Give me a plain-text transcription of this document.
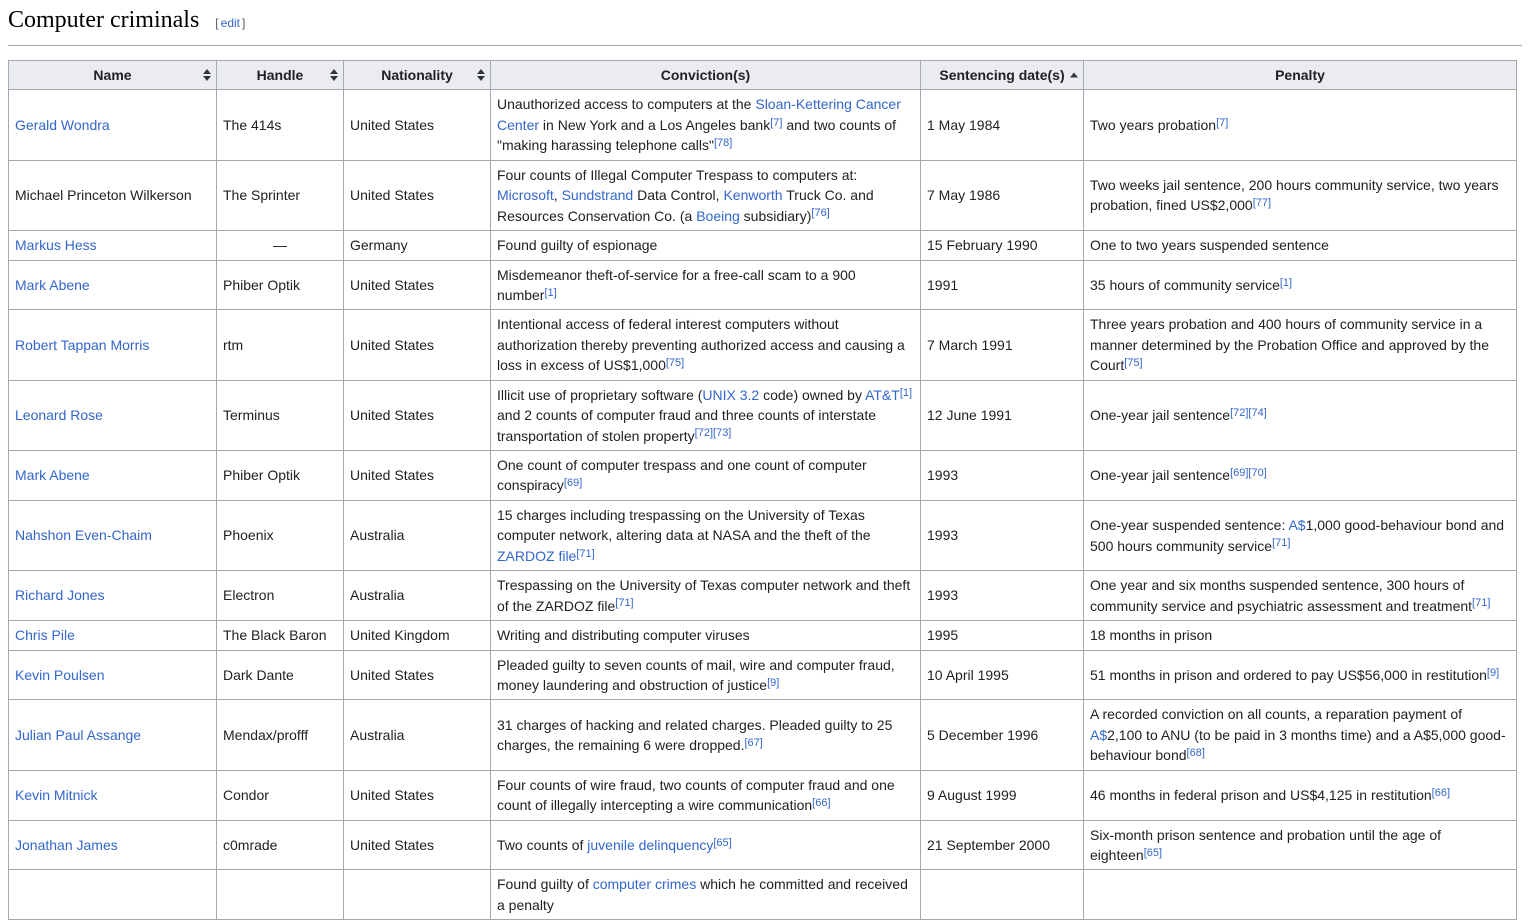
Computer criminals [ edit ]
Name	Handle	Nationality	Conviction(s)	Sentencing date(s)	Penalty
Gerald Wondra	The 414s	United States	Unauthorized access to computers at the Sloan-Kettering Cancer Center in New York and a Los Angeles bank[7] and two counts of "making harassing telephone calls"[78]	1 May 1984	Two years probation[7]
Michael Princeton Wilkerson	The Sprinter	United States	Four counts of Illegal Computer Trespass to computers at: Microsoft, Sundstrand Data Control, Kenworth Truck Co. and Resources Conservation Co. (a Boeing subsidiary)[76]	7 May 1986	Two weeks jail sentence, 200 hours community service, two years probation, fined US$2,000[77]
Markus Hess	—	Germany	Found guilty of espionage	15 February 1990	One to two years suspended sentence
Mark Abene	Phiber Optik	United States	Misdemeanor theft-of-service for a free-call scam to a 900 number[1]	1991	35 hours of community service[1]
Robert Tappan Morris	rtm	United States	Intentional access of federal interest computers without authorization thereby preventing authorized access and causing a loss in excess of US$1,000[75]	7 March 1991	Three years probation and 400 hours of community service in a manner determined by the Probation Office and approved by the Court[75]
Leonard Rose	Terminus	United States	Illicit use of proprietary software (UNIX 3.2 code) owned by AT&T[1] and 2 counts of computer fraud and three counts of interstate transportation of stolen property[72][73]	12 June 1991	One-year jail sentence[72][74]
Mark Abene	Phiber Optik	United States	One count of computer trespass and one count of computer conspiracy[69]	1993	One-year jail sentence[69][70]
Nahshon Even-Chaim	Phoenix	Australia	15 charges including trespassing on the University of Texas computer network, altering data at NASA and the theft of the ZARDOZ file[71]	1993	One-year suspended sentence: A$1,000 good-behaviour bond and 500 hours community service[71]
Richard Jones	Electron	Australia	Trespassing on the University of Texas computer network and theft of the ZARDOZ file[71]	1993	One year and six months suspended sentence, 300 hours of community service and psychiatric assessment and treatment[71]
Chris Pile	The Black Baron	United Kingdom	Writing and distributing computer viruses	1995	18 months in prison
Kevin Poulsen	Dark Dante	United States	Pleaded guilty to seven counts of mail, wire and computer fraud, money laundering and obstruction of justice[9]	10 April 1995	51 months in prison and ordered to pay US$56,000 in restitution[9]
Julian Paul Assange	Mendax/profff	Australia	31 charges of hacking and related charges. Pleaded guilty to 25 charges, the remaining 6 were dropped.[67]	5 December 1996	A recorded conviction on all counts, a reparation payment of A$2,100 to ANU (to be paid in 3 months time) and a A$5,000 good-behaviour bond[68]
Kevin Mitnick	Condor	United States	Four counts of wire fraud, two counts of computer fraud and one count of illegally intercepting a wire communication[66]	9 August 1999	46 months in federal prison and US$4,125 in restitution[66]
Jonathan James	c0mrade	United States	Two counts of juvenile delinquency[65]	21 September 2000	Six-month prison sentence and probation until the age of eighteen[65]
			Found guilty of computer crimes which he committed and received a penalty		
